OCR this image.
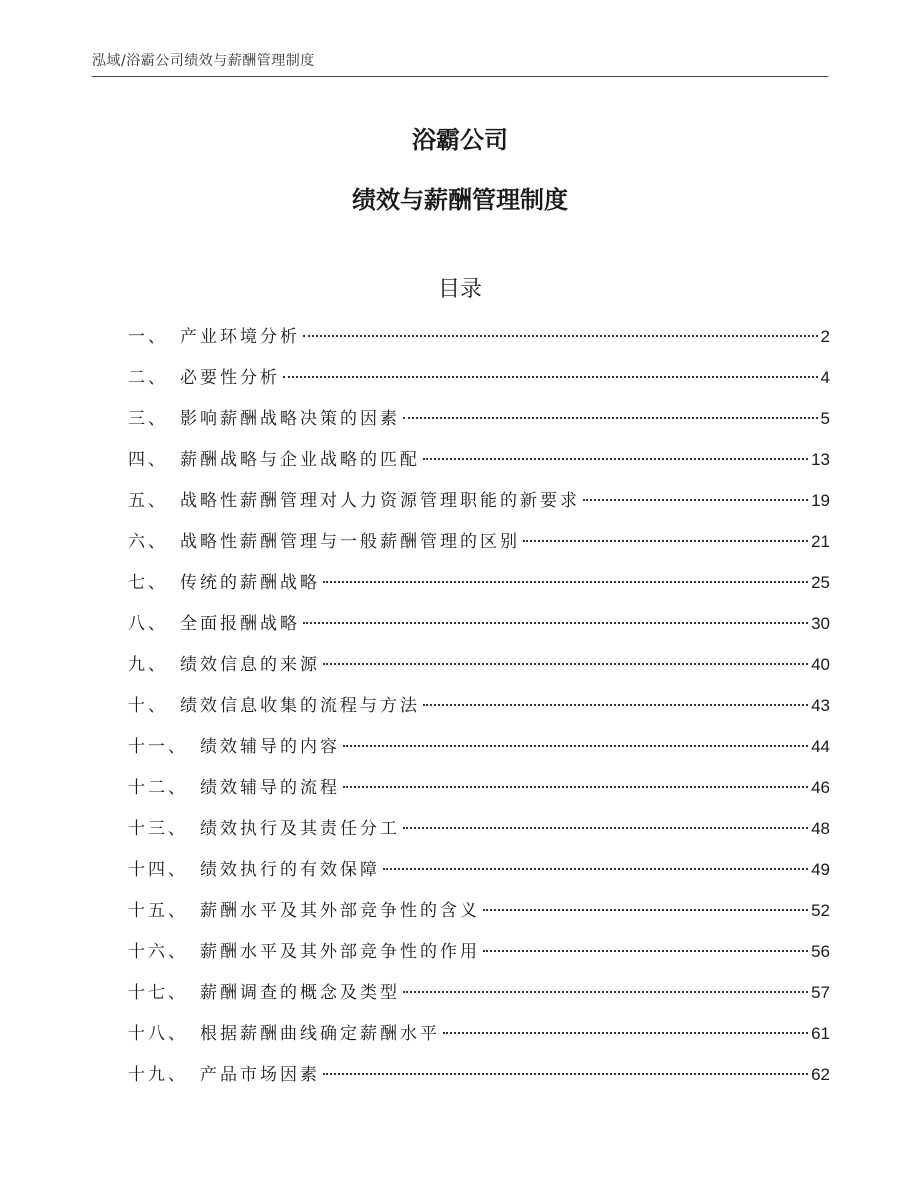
泓域/浴霸公司绩效与薪酬管理制度
浴霸公司
绩效与薪酬管理制度
目录
一、 产业环境分析	2
二、 必要性分析	4
三、 影响薪酬战略决策的因素	5
四、 薪酬战略与企业战略的匹配	13
五、 战略性薪酬管理对人力资源管理职能的新要求	19
六、 战略性薪酬管理与一般薪酬管理的区别	21
七、 传统的薪酬战略	25
八、 全面报酬战略	30
九、 绩效信息的来源	40
十、 绩效信息收集的流程与方法	43
十一、 绩效辅导的内容	44
十二、 绩效辅导的流程	46
十三、 绩效执行及其责任分工	48
十四、 绩效执行的有效保障	49
十五、 薪酬水平及其外部竞争性的含义	52
十六、 薪酬水平及其外部竞争性的作用	56
十七、 薪酬调查的概念及类型	57
十八、 根据薪酬曲线确定薪酬水平	61
十九、 产品市场因素	62
